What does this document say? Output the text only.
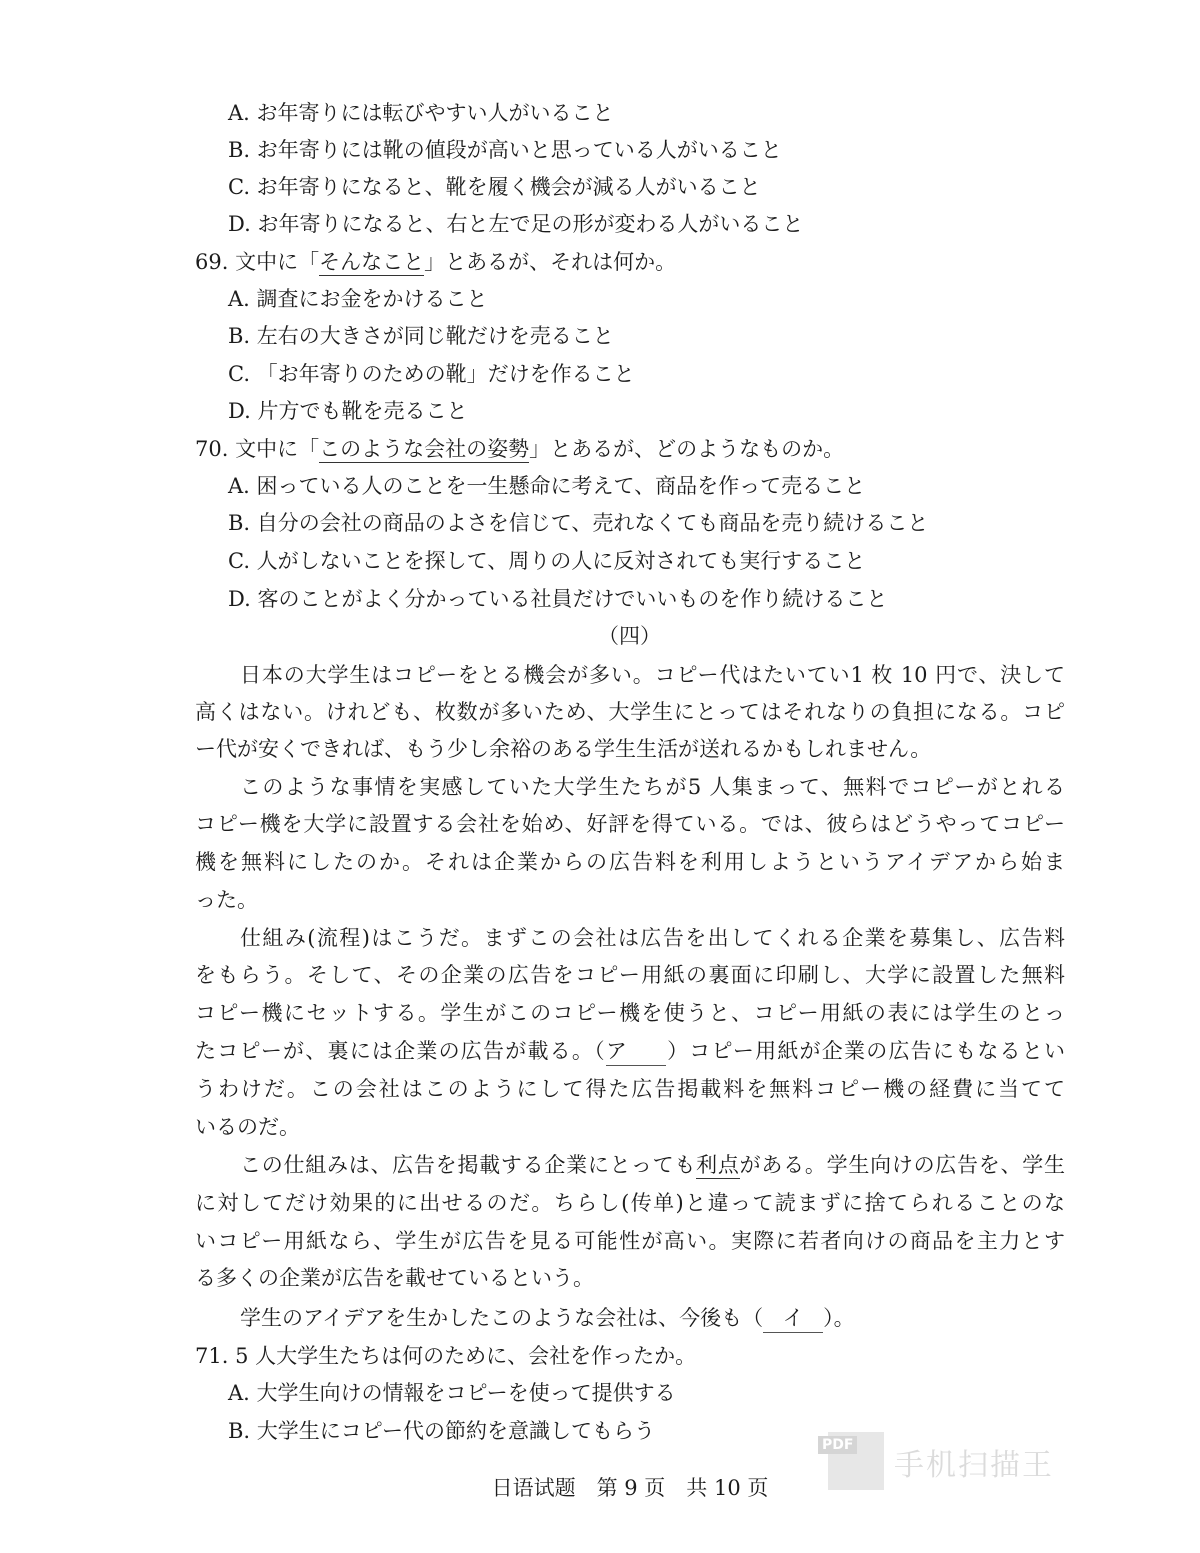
A. お年寄りには転びやすい人がいること
B. お年寄りには靴の値段が高いと思っている人がいること
C. お年寄りになると、靴を履く機会が減る人がいること
D. お年寄りになると、右と左で足の形が変わる人がいること
69. 文中に「そんなこと」とあるが、それは何か。
A. 調査にお金をかけること
B. 左右の大きさが同じ靴だけを売ること
C. 「お年寄りのための靴」だけを作ること
D. 片方でも靴を売ること
70. 文中に「このような会社の姿勢」とあるが、どのようなものか。
A. 困っている人のことを一生懸命に考えて、商品を作って売ること
B. 自分の会社の商品のよさを信じて、売れなくても商品を売り続けること
C. 人がしないことを探して、周りの人に反対されても実行すること
D. 客のことがよく分かっている社員だけでいいものを作り続けること
（四）
日本の大学生はコピーをとる機会が多い。コピー代はたいてい1 枚 10 円で、決して
高くはない。けれども、枚数が多いため、大学生にとってはそれなりの負担になる。コピ
ー代が安くできれば、もう少し余裕のある学生生活が送れるかもしれません。
このような事情を実感していた大学生たちが5 人集まって、無料でコピーがとれる
コピー機を大学に設置する会社を始め、好評を得ている。では、彼らはどうやってコピー
機を無料にしたのか。それは企業からの広告料を利用しようというアイデアから始ま
った。
仕組み(流程)はこうだ。まずこの会社は広告を出してくれる企業を募集し、広告料
をもらう。そして、その企業の広告をコピー用紙の裏面に印刷し、大学に設置した無料
コピー機にセットする。学生がこのコピー機を使うと、コピー用紙の表には学生のとっ
たコピーが、裏には企業の広告が載る。（ア ）コピー用紙が企業の広告にもなるとい
うわけだ。この会社はこのようにして得た広告掲載料を無料コピー機の経費に当てて
いるのだ。
この仕組みは、広告を掲載する企業にとっても利点がある。学生向けの広告を、学生
に対してだけ効果的に出せるのだ。ちらし(传单)と違って読まずに捨てられることのな
いコピー用紙なら、学生が広告を見る可能性が高い。実際に若者向けの商品を主力とす
る多くの企業が広告を載せているという。
学生のアイデアを生かしたこのような会社は、今後も（ イ ）。
71. 5 人大学生たちは何のために、会社を作ったか。
A. 大学生向けの情報をコピーを使って提供する
B. 大学生にコピー代の節約を意識してもらう
日语试题　第 9 页　共 10 页
PDF
手机扫描王
